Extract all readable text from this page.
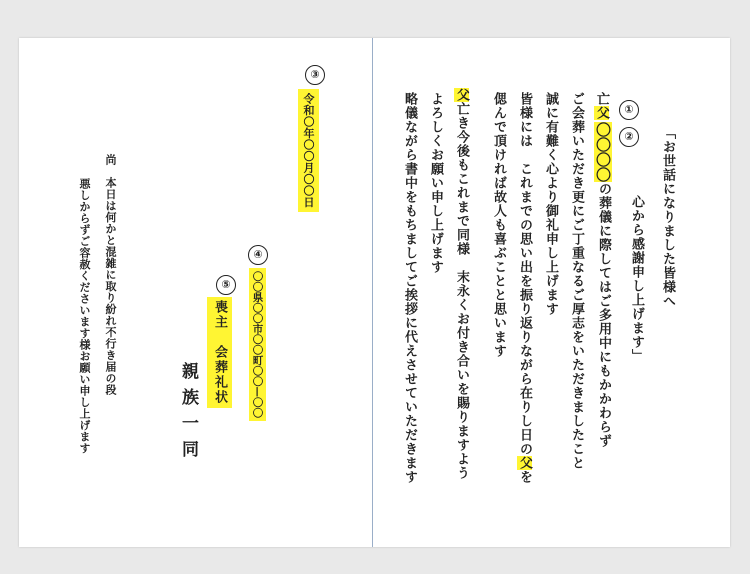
「お世話になりました皆様へ
心から感謝申し上げます」
①
②
亡父
〇〇〇〇の葬儀に際してはご多用中にもかかわらず
ご会葬いただき更にご丁重なるご厚志をいただきましたこと
誠に有難く心より御礼申し上げます
皆様には　これまでの思い出を振り返りながら在りし日の父を
偲んで頂ければ故人も喜ぶことと思います
父亡き今後もこれまで同様　末永くお付き合いを賜りますよう
よろしくお願い申し上げます
略儀ながら書中をもちましてご挨拶に代えさせていただきます
③
令和〇年〇〇月〇〇日
④
〇〇県〇〇市〇〇町〇〇—〇〇
⑤
喪主　会葬礼状
親族一同
尚　本日は何かと混雑に取り紛れ不行き届の段
悪しからずご容赦くださいます様お願い申し上げます
